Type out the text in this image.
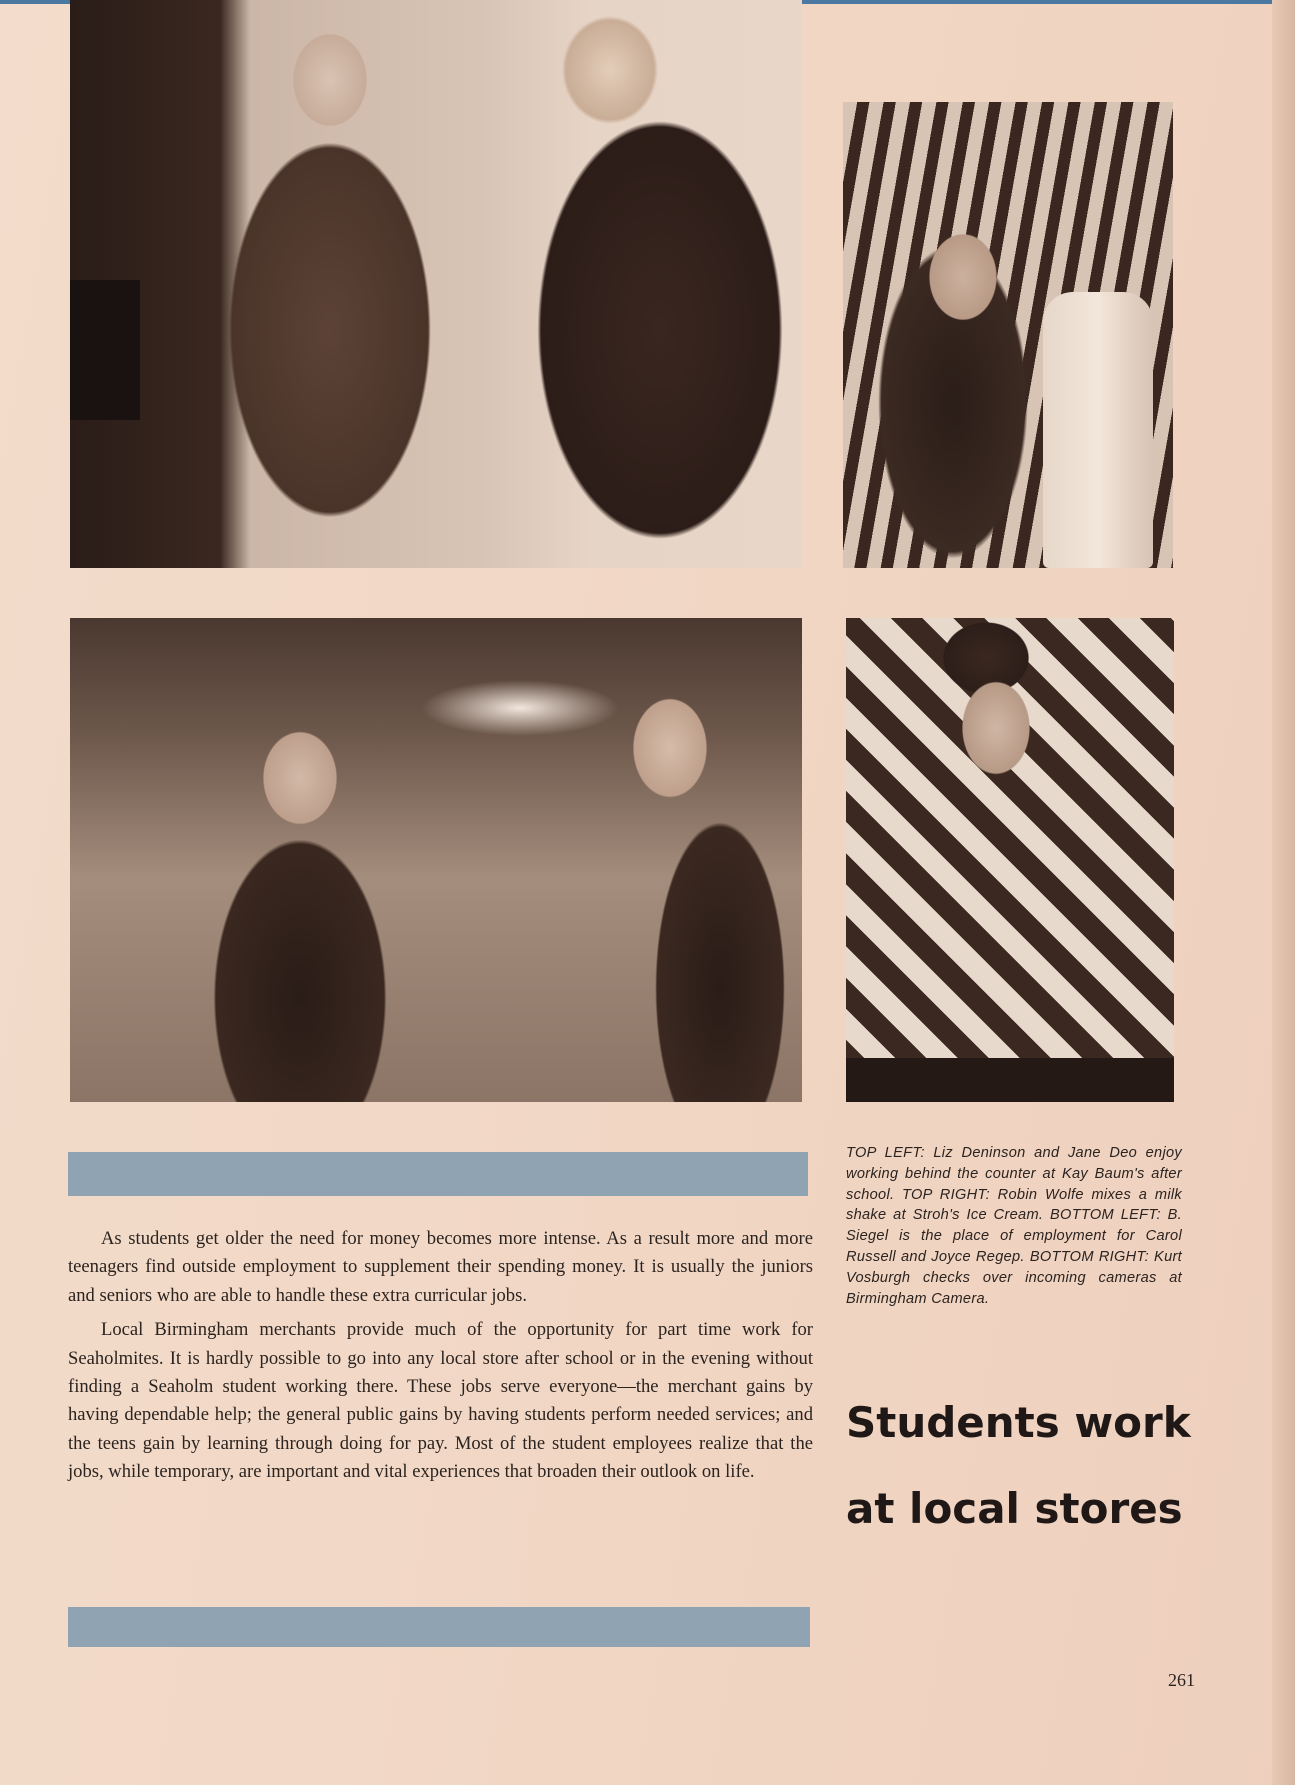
As students get older the need for money becomes more intense. As a result more and more teenagers find outside employment to supplement their spending money. It is usually the juniors and seniors who are able to handle these extra curricular jobs.

Local Birmingham merchants provide much of the opportunity for part time work for Seaholmites. It is hardly possible to go into any local store after school or in the evening without finding a Seaholm student working there. These jobs serve everyone—the merchant gains by having dependable help; the general public gains by having students perform needed services; and the teens gain by learning through doing for pay. Most of the student employees realize that the jobs, while temporary, are important and vital experiences that broaden their outlook on life.

TOP LEFT: Liz Deninson and Jane Deo enjoy working behind the counter at Kay Baum's after school. TOP RIGHT: Robin Wolfe mixes a milk shake at Stroh's Ice Cream. BOTTOM LEFT: B. Siegel is the place of employment for Carol Russell and Joyce Regep. BOTTOM RIGHT: Kurt Vosburgh checks over incoming cameras at Birmingham Camera.
Students work
at local stores
261
